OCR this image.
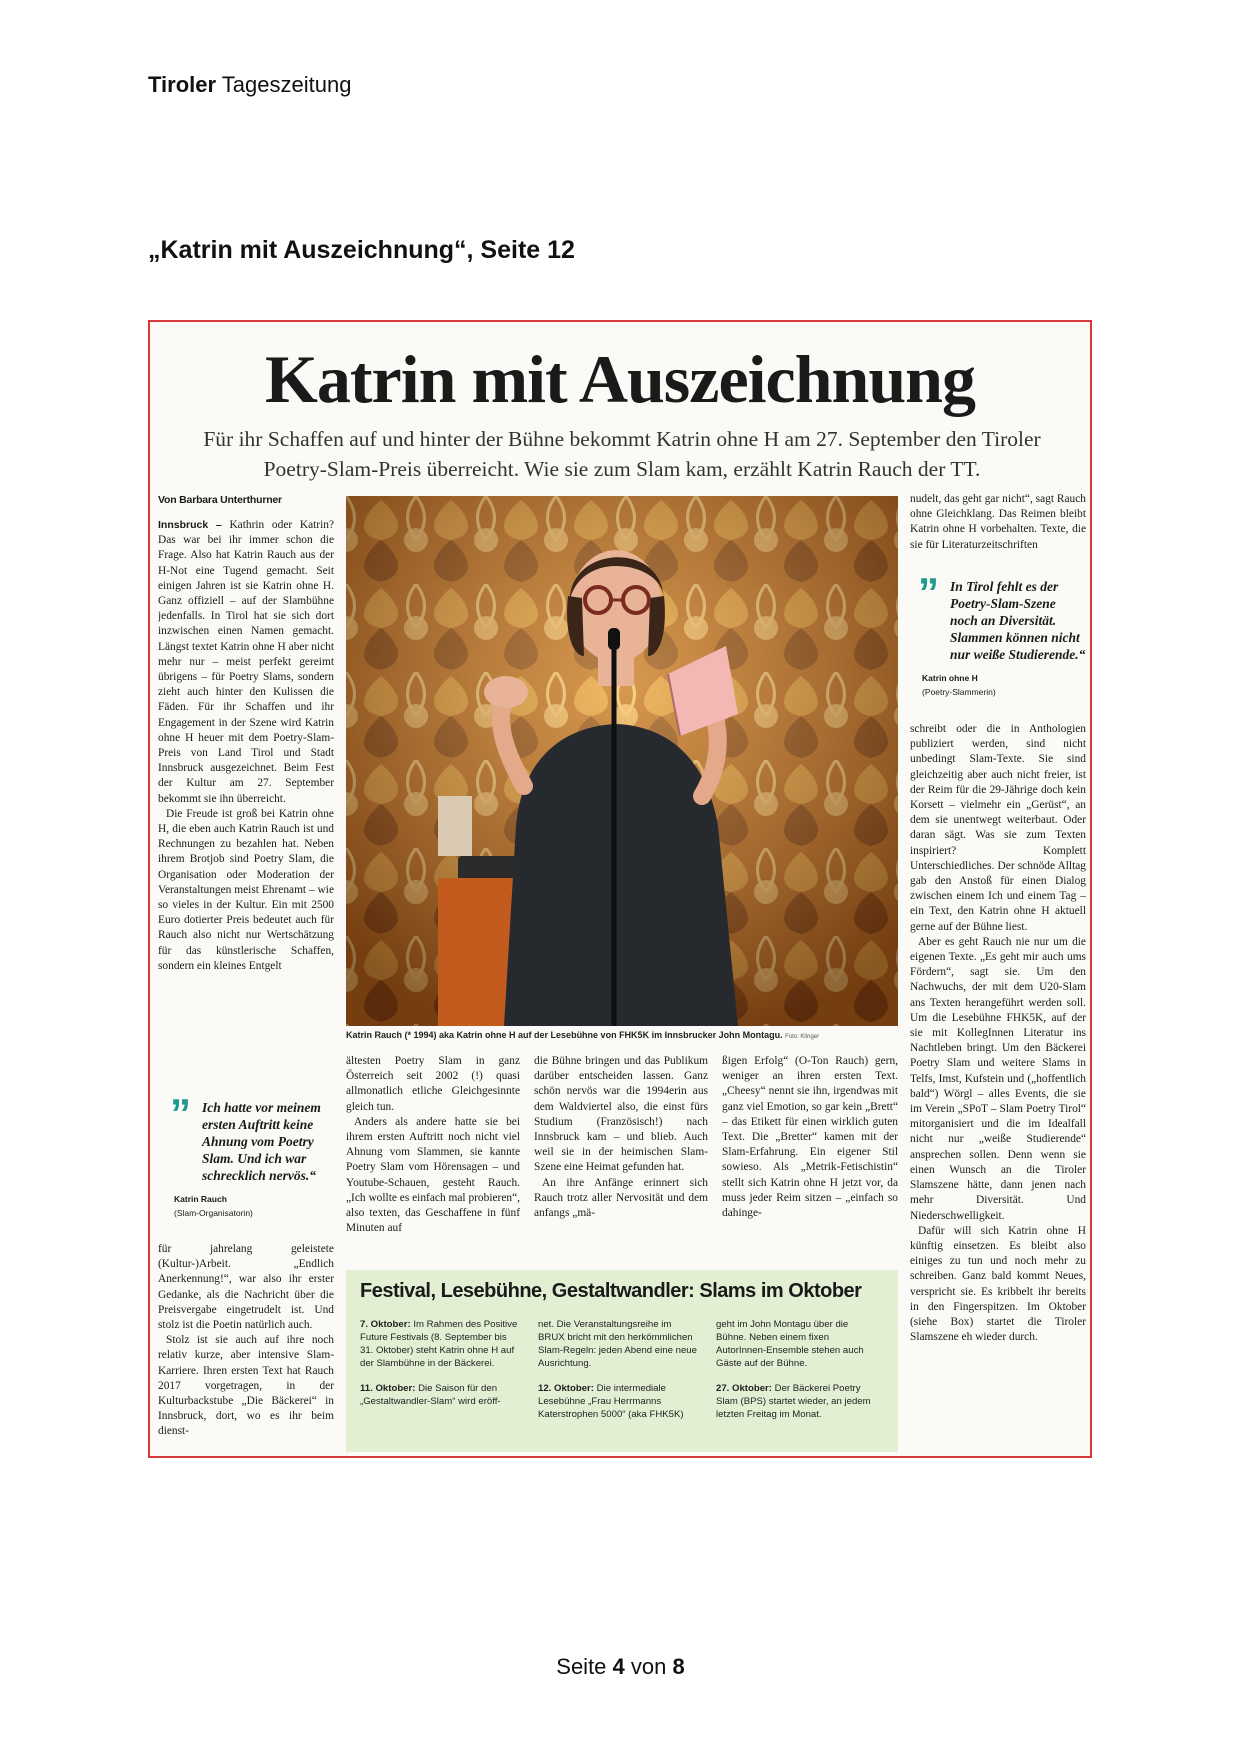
Tiroler Tageszeitung
„Katrin mit Auszeichnung“, Seite 12
Katrin mit Auszeichnung
Für ihr Schaffen auf und hinter der Bühne bekommt Katrin ohne H am 27. September den Tiroler Poetry-Slam-Preis überreicht. Wie sie zum Slam kam, erzählt Katrin Rauch der TT.
Von Barbara Unterthurner

Innsbruck – Kathrin oder Katrin? Das war bei ihr immer schon die Frage. Also hat Katrin Rauch aus der H-Not eine Tugend gemacht. Seit einigen Jahren ist sie Katrin ohne H. Ganz offiziell – auf der Slambühne jedenfalls. In Tirol hat sie sich dort inzwischen einen Namen gemacht. Längst textet Katrin ohne H aber nicht mehr nur – meist perfekt gereimt übrigens – für Poetry Slams, sondern zieht auch hinter den Kulissen die Fäden. Für ihr Schaffen und ihr Engagement in der Szene wird Katrin ohne H heuer mit dem Poetry-Slam-Preis von Land Tirol und Stadt Innsbruck ausgezeichnet. Beim Fest der Kultur am 27. September bekommt sie ihn überreicht.

Die Freude ist groß bei Katrin ohne H, die eben auch Katrin Rauch ist und Rechnungen zu bezahlen hat. Neben ihrem Brotjob sind Poetry Slam, die Organisation oder Moderation der Veranstaltungen meist Ehrenamt – wie so vieles in der Kultur. Ein mit 2500 Euro dotierter Preis bedeutet auch für Rauch also nicht nur Wertschätzung für das künstlerische Schaffen, sondern ein kleines Entgelt

” Ich hatte vor meinem ersten Auftritt keine Ahnung vom Poetry Slam. Und ich war schrecklich nervös.“
Katrin Rauch
(Slam-Organisatorin)

für jahrelang geleistete (Kultur-)Arbeit. „Endlich Anerkennung!“, war also ihr erster Gedanke, als die Nachricht über die Preisvergabe eingetrudelt ist. Und stolz ist die Poetin natürlich auch.

Stolz ist sie auch auf ihre noch relativ kurze, aber intensive Slam-Karriere. Ihren ersten Text hat Rauch 2017 vorgetragen, in der Kulturbackstube „Die Bäckerei“ in Innsbruck, dort, wo es ihr beim dienst-

Katrin Rauch (* 1994) aka Katrin ohne H auf der Lesebühne von FHK5K im Innsbrucker John Montagu. Foto: Klinger

ältesten Poetry Slam in ganz Österreich seit 2002 (!) quasi allmonatlich etliche Gleichgesinnte gleich tun.

Anders als andere hatte sie bei ihrem ersten Auftritt noch nicht viel Ahnung vom Slammen, sie kannte Poetry Slam vom Hörensagen – und Youtube-Schauen, gesteht Rauch. „Ich wollte es einfach mal probieren“, also texten, das Geschaffene in fünf Minuten auf

die Bühne bringen und das Publikum darüber entscheiden lassen. Ganz schön nervös war die 1994erin aus dem Waldviertel also, die einst fürs Studium (Französisch!) nach Innsbruck kam – und blieb. Auch weil sie in der heimischen Slam-Szene eine Heimat gefunden hat.

An ihre Anfänge erinnert sich Rauch trotz aller Nervosität und dem anfangs „mä-

ßigen Erfolg“ (O-Ton Rauch) gern, weniger an ihren ersten Text. „Cheesy“ nennt sie ihn, irgendwas mit ganz viel Emotion, so gar kein „Brett“ – das Etikett für einen wirklich guten Text. Die „Bretter“ kamen mit der Slam-Erfahrung. Ein eigener Stil sowieso. Als „Metrik-Fetischistin“ stellt sich Katrin ohne H jetzt vor, da muss jeder Reim sitzen – „einfach so dahinge-

nudelt, das geht gar nicht“, sagt Rauch ohne Gleichklang. Das Reimen bleibt Katrin ohne H vorbehalten. Texte, die sie für Literaturzeitschriften

” In Tirol fehlt es der Poetry-Slam-Szene noch an Diversität. Slammen können nicht nur weiße Studierende.“
Katrin ohne H
(Poetry-Slammerin)

schreibt oder die in Anthologien publiziert werden, sind nicht unbedingt Slam-Texte. Sie sind gleichzeitig aber auch nicht freier, ist der Reim für die 29-Jährige doch kein Korsett – vielmehr ein „Gerüst“, an dem sie unentwegt weiterbaut. Oder daran sägt. Was sie zum Texten inspiriert? Komplett Unterschiedliches. Der schnöde Alltag gab den Anstoß für einen Dialog zwischen einem Ich und einem Tag – ein Text, den Katrin ohne H aktuell gerne auf der Bühne liest.

Aber es geht Rauch nie nur um die eigenen Texte. „Es geht mir auch ums Fördern“, sagt sie. Um den Nachwuchs, der mit dem U20-Slam ans Texten herangeführt werden soll. Um die Lesebühne FHK5K, auf der sie mit KollegInnen Literatur ins Nachtleben bringt. Um den Bäckerei Poetry Slam und weitere Slams in Telfs, Imst, Kufstein und („hoffentlich bald“) Wörgl – alles Events, die sie im Verein „SPoT – Slam Poetry Tirol“ mitorganisiert und die im Idealfall nicht nur „weiße Studierende“ ansprechen sollen. Denn wenn sie einen Wunsch an die Tiroler Slamszene hätte, dann jenen nach mehr Diversität. Und Niederschwelligkeit.

Dafür will sich Katrin ohne H künftig einsetzen. Es bleibt also einiges zu tun und noch mehr zu schreiben. Ganz bald kommt Neues, verspricht sie. Es kribbelt ihr bereits in den Fingerspitzen. Im Oktober (siehe Box) startet die Tiroler Slamszene eh wieder durch.

Festival, Lesebühne, Gestaltwandler: Slams im Oktober

7. Oktober: Im Rahmen des Positive Future Festivals (8. September bis 31. Oktober) steht Katrin ohne H auf der Slambühne in der Bäckerei.

11. Oktober: Die Saison für den „Gestaltwandler-Slam“ wird eröff-

net. Die Veranstaltungsreihe im BRUX bricht mit den herkömmlichen Slam-Regeln: jeden Abend eine neue Ausrichtung.

12. Oktober: Die intermediale Lesebühne „Frau Herrmanns Katerstrophen 5000“ (aka FHK5K)

geht im John Montagu über die Bühne. Neben einem fixen AutorInnen-Ensemble stehen auch Gäste auf der Bühne.

27. Oktober: Der Bäckerei Poetry Slam (BPS) startet wieder, an jedem letzten Freitag im Monat.

Seite 4 von 8
